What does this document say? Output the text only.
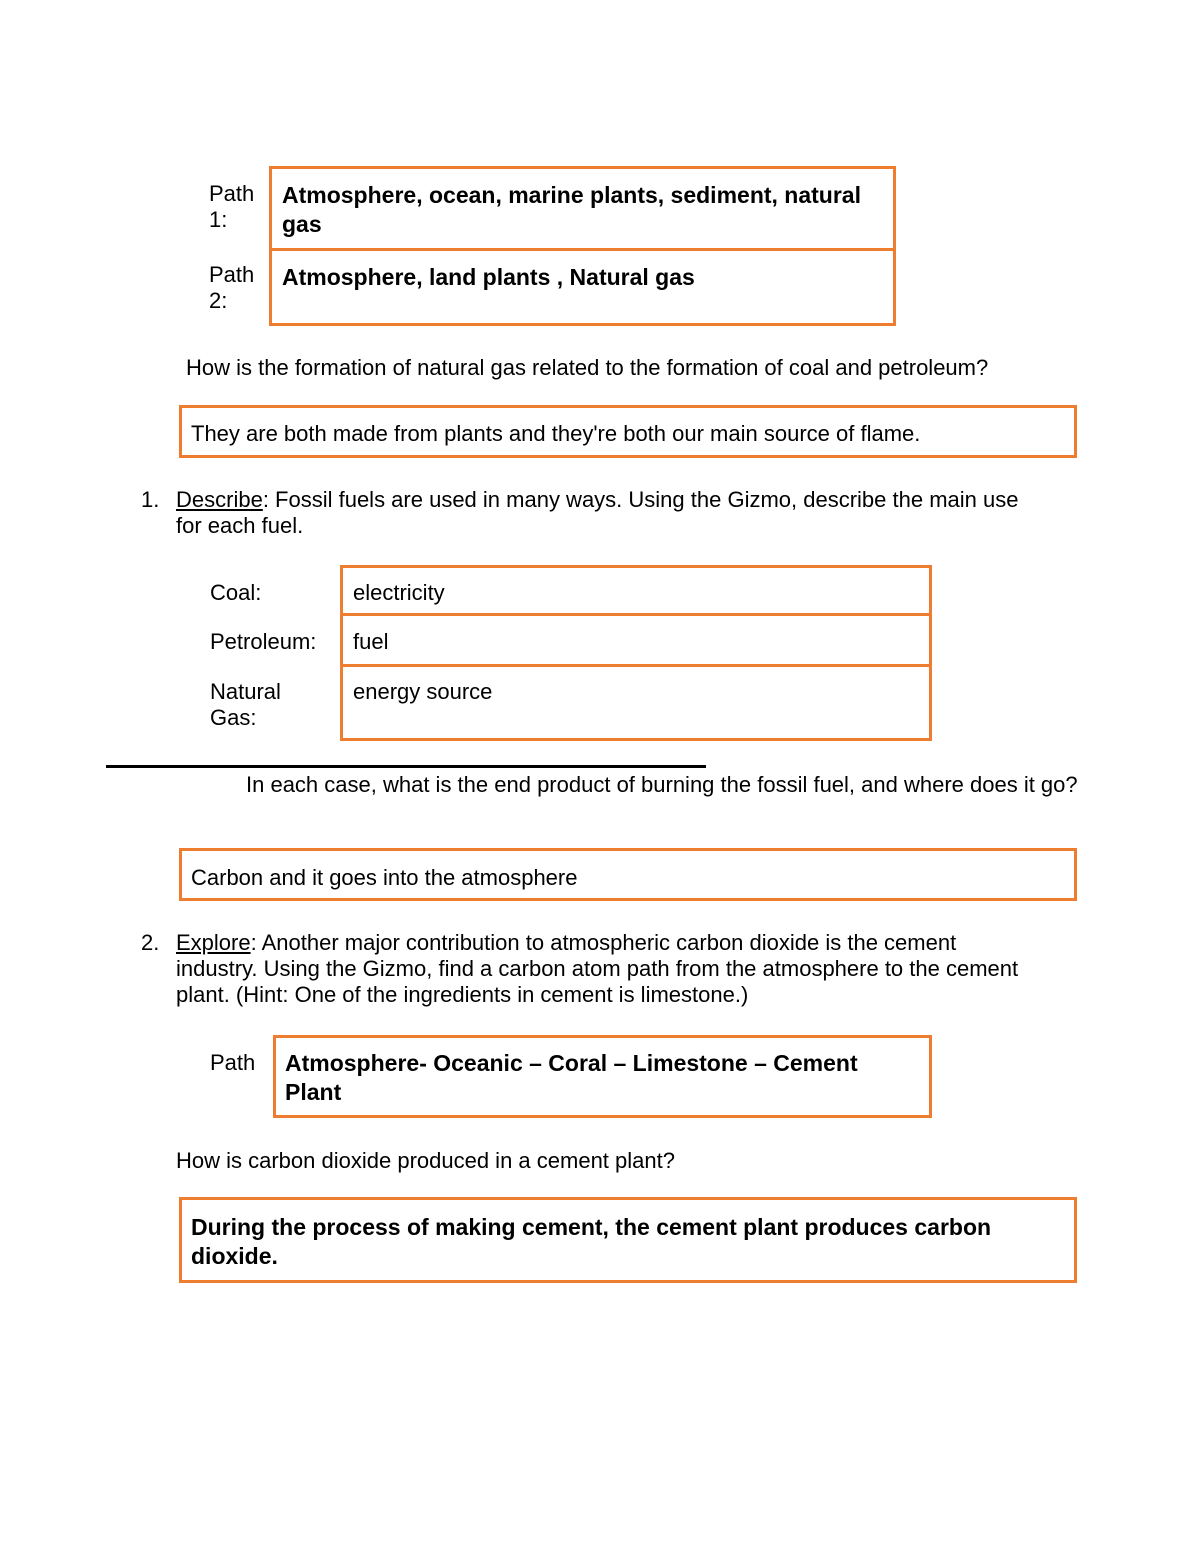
Path 1:
Path 2:
Atmosphere, ocean, marine plants, sediment, natural gas
Atmosphere, land plants , Natural gas
How is the formation of natural gas related to the formation of coal and petroleum?
They are both made from plants and they're both our main source of flame.
1. Describe: Fossil fuels are used in many ways. Using the Gizmo, describe the main use for each fuel.
Coal:
Petroleum:
Natural Gas:
electricity
fuel
energy source
In each case, what is the end product of burning the fossil fuel, and where does it go?
Carbon and it goes into the atmosphere
2. Explore: Another major contribution to atmospheric carbon dioxide is the cement industry. Using the Gizmo, find a carbon atom path from the atmosphere to the cement plant. (Hint: One of the ingredients in cement is limestone.)
Path Atmosphere- Oceanic – Coral – Limestone – Cement Plant
How is carbon dioxide produced in a cement plant?
During the process of making cement, the cement plant produces carbon dioxide.
